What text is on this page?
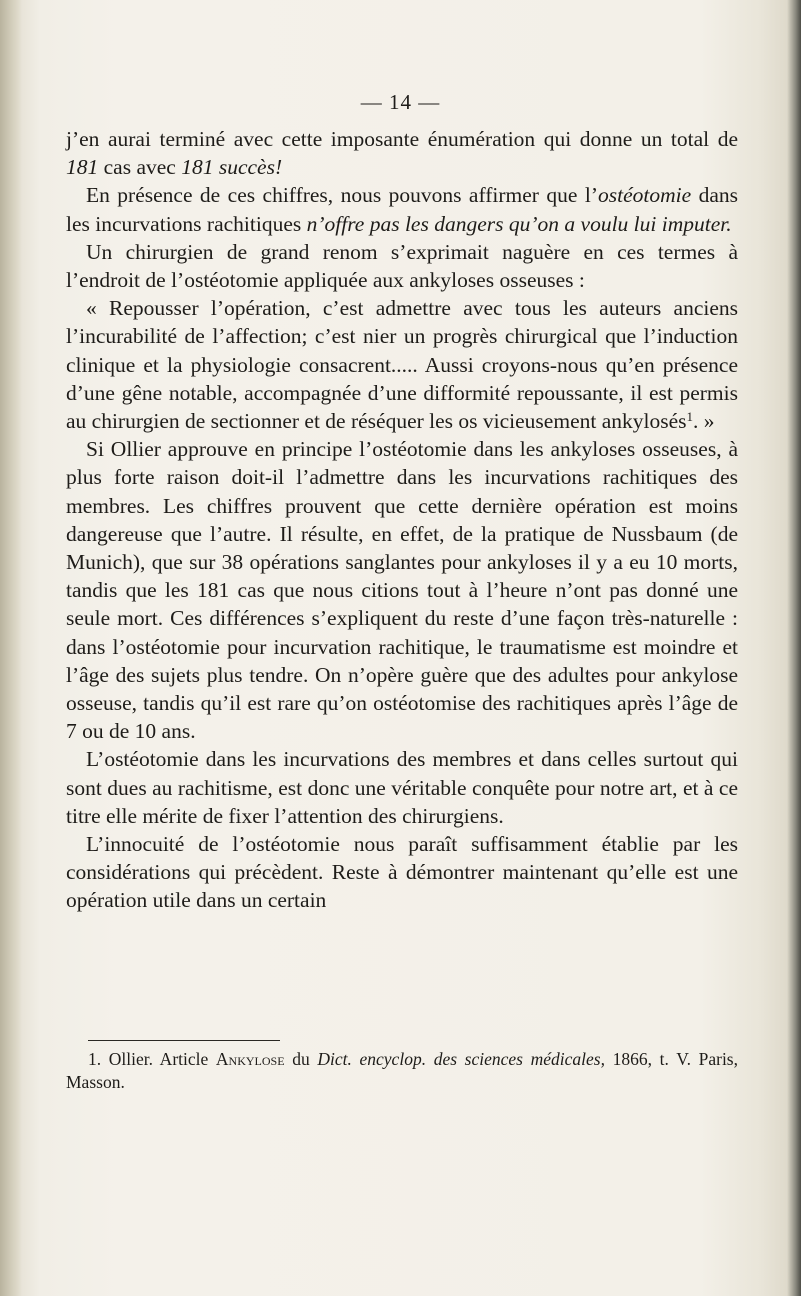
— 14 —

j’en aurai terminé avec cette imposante énumération qui donne un total de 181 cas avec 181 succès!

En présence de ces chiffres, nous pouvons affirmer que l’ostéotomie dans les incurvations rachitiques n’offre pas les dangers qu’on a voulu lui imputer.

Un chirurgien de grand renom s’exprimait naguère en ces termes à l’endroit de l’ostéotomie appliquée aux ankyloses osseuses :

« Repousser l’opération, c’est admettre avec tous les auteurs anciens l’incurabilité de l’affection; c’est nier un progrès chirurgical que l’induction clinique et la physiologie consacrent..... Aussi croyons-nous qu’en présence d’une gêne notable, accompagnée d’une difformité repoussante, il est permis au chirurgien de sectionner et de réséquer les os vicieusement ankylosés$^1$. »

Si Ollier approuve en principe l’ostéotomie dans les ankyloses osseuses, à plus forte raison doit-il l’admettre dans les incurvations rachitiques des membres. Les chiffres prouvent que cette dernière opération est moins dangereuse que l’autre. Il résulte, en effet, de la pratique de Nussbaum (de Munich), que sur 38 opérations sanglantes pour ankyloses il y a eu 10 morts, tandis que les 181 cas que nous citions tout à l’heure n’ont pas donné une seule mort. Ces différences s’expliquent du reste d’une façon très-naturelle : dans l’ostéotomie pour incurvation rachitique, le traumatisme est moindre et l’âge des sujets plus tendre. On n’opère guère que des adultes pour ankylose osseuse, tandis qu’il est rare qu’on ostéotomise des rachitiques après l’âge de 7 ou de 10 ans.

L’ostéotomie dans les incurvations des membres et dans celles surtout qui sont dues au rachitisme, est donc une véritable conquête pour notre art, et à ce titre elle mérite de fixer l’attention des chirurgiens.

L’innocuité de l’ostéotomie nous paraît suffisamment établie par les considérations qui précèdent. Reste à démontrer maintenant qu’elle est une opération utile dans un certain

1. Ollier. Article Ankylose du Dict. encyclop. des sciences médicales, 1866, t. V. Paris, Masson.
